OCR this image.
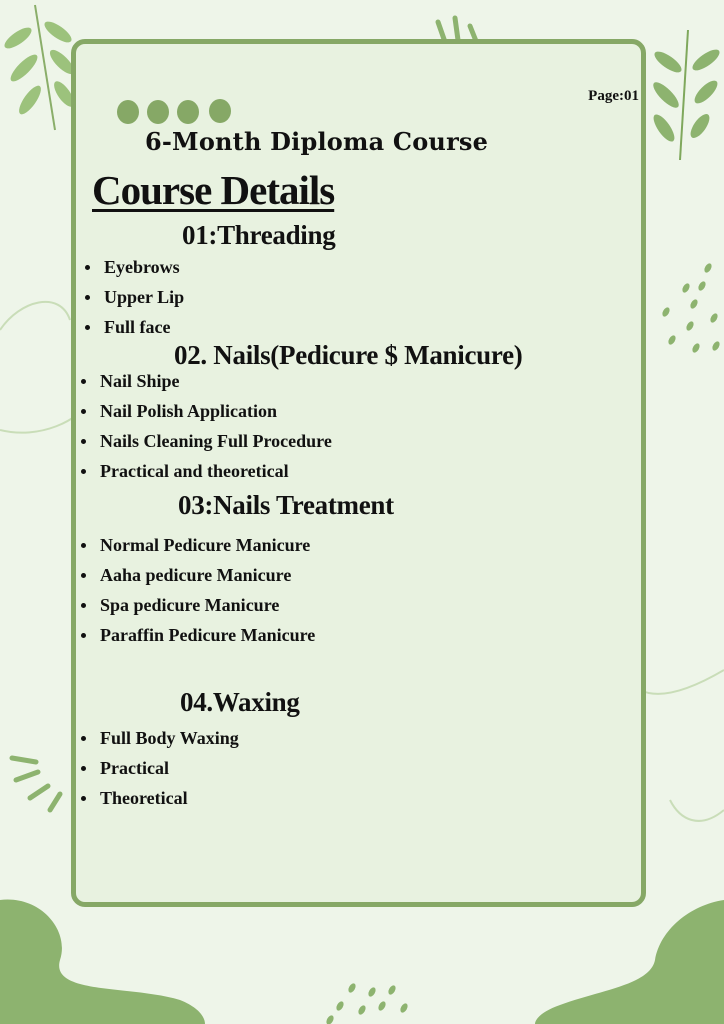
Page:01
6-Month Diploma Course
Course Details
01:Threading
Eyebrows
Upper Lip
Full face
02. Nails(Pedicure $ Manicure)
Nail Shipe
Nail Polish Application
Nails Cleaning Full Procedure
Practical and theoretical
03:Nails Treatment
Normal Pedicure Manicure
Aaha pedicure Manicure
Spa pedicure Manicure
Paraffin Pedicure Manicure
04.Waxing
Full Body Waxing
Practical
Theoretical
